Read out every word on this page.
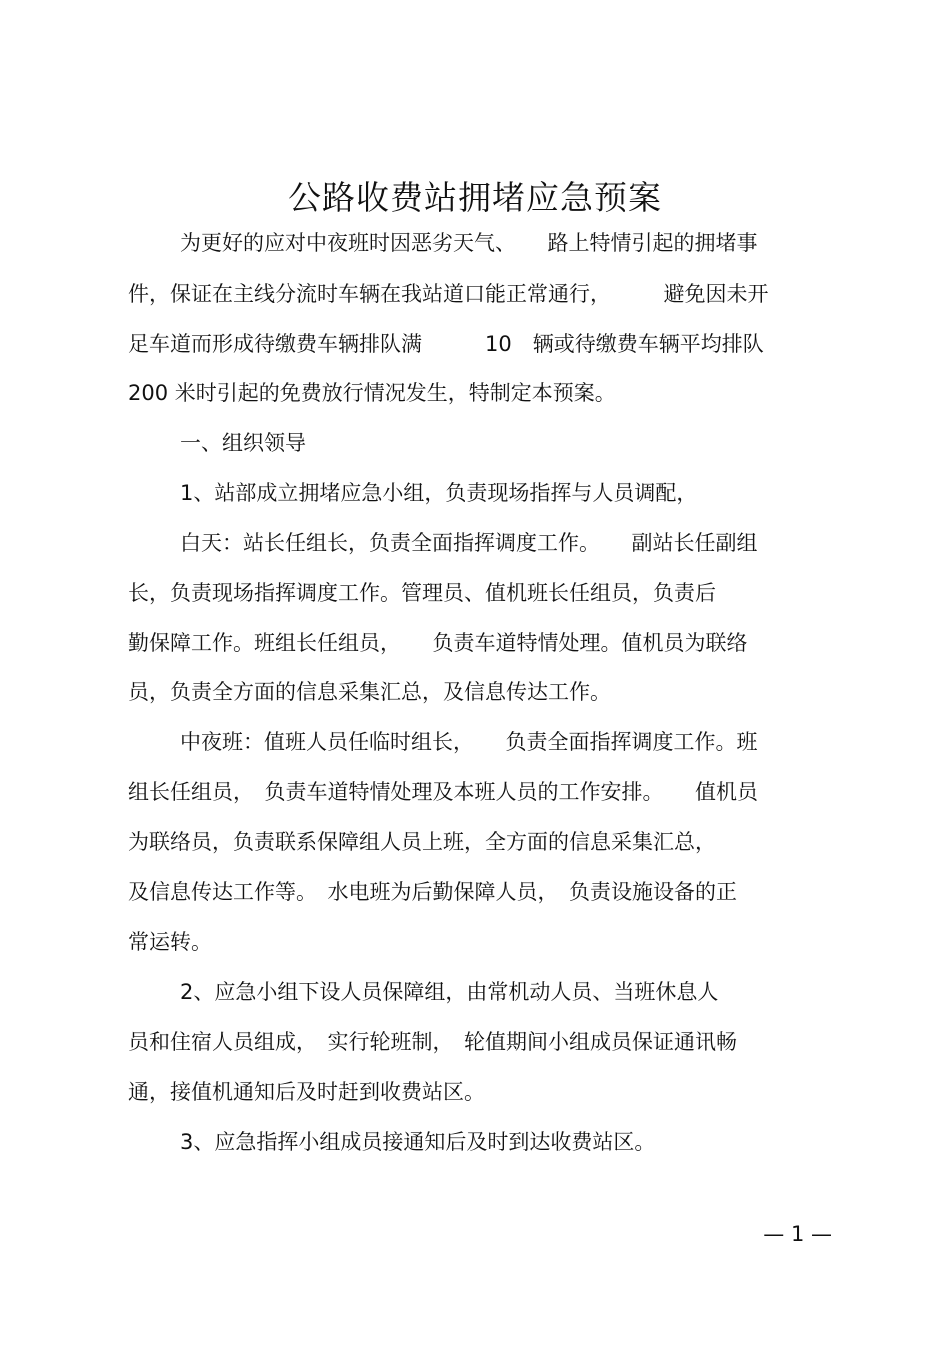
公路收费站拥堵应急预案

为更好的应对中夜班时因恶劣天气、　　路上特情引起的拥堵事

件，保证在主线分流时车辆在我站道口能正常通行，　　　避免因未开

足车道而形成待缴费车辆排队满　　　10　辆或待缴费车辆平均排队

200 米时引起的免费放行情况发生，特制定本预案。

一、组织领导

1、站部成立拥堵应急小组，负责现场指挥与人员调配，

白天：站长任组长，负责全面指挥调度工作。　　副站长任副组

长，负责现场指挥调度工作。管理员、值机班长任组员，负责后

勤保障工作。班组长任组员，　　负责车道特情处理。值机员为联络

员，负责全方面的信息采集汇总，及信息传达工作。

中夜班：值班人员任临时组长，　　负责全面指挥调度工作。班

组长任组员，　负责车道特情处理及本班人员的工作安排。　　值机员

为联络员，负责联系保障组人员上班，全方面的信息采集汇总，

及信息传达工作等。　水电班为后勤保障人员，　负责设施设备的正

常运转。

2、应急小组下设人员保障组，由常机动人员、当班休息人

员和住宿人员组成，　实行轮班制，　轮值期间小组成员保证通讯畅

通，接值机通知后及时赶到收费站区。

3、应急指挥小组成员接通知后及时到达收费站区。

— 1 —
